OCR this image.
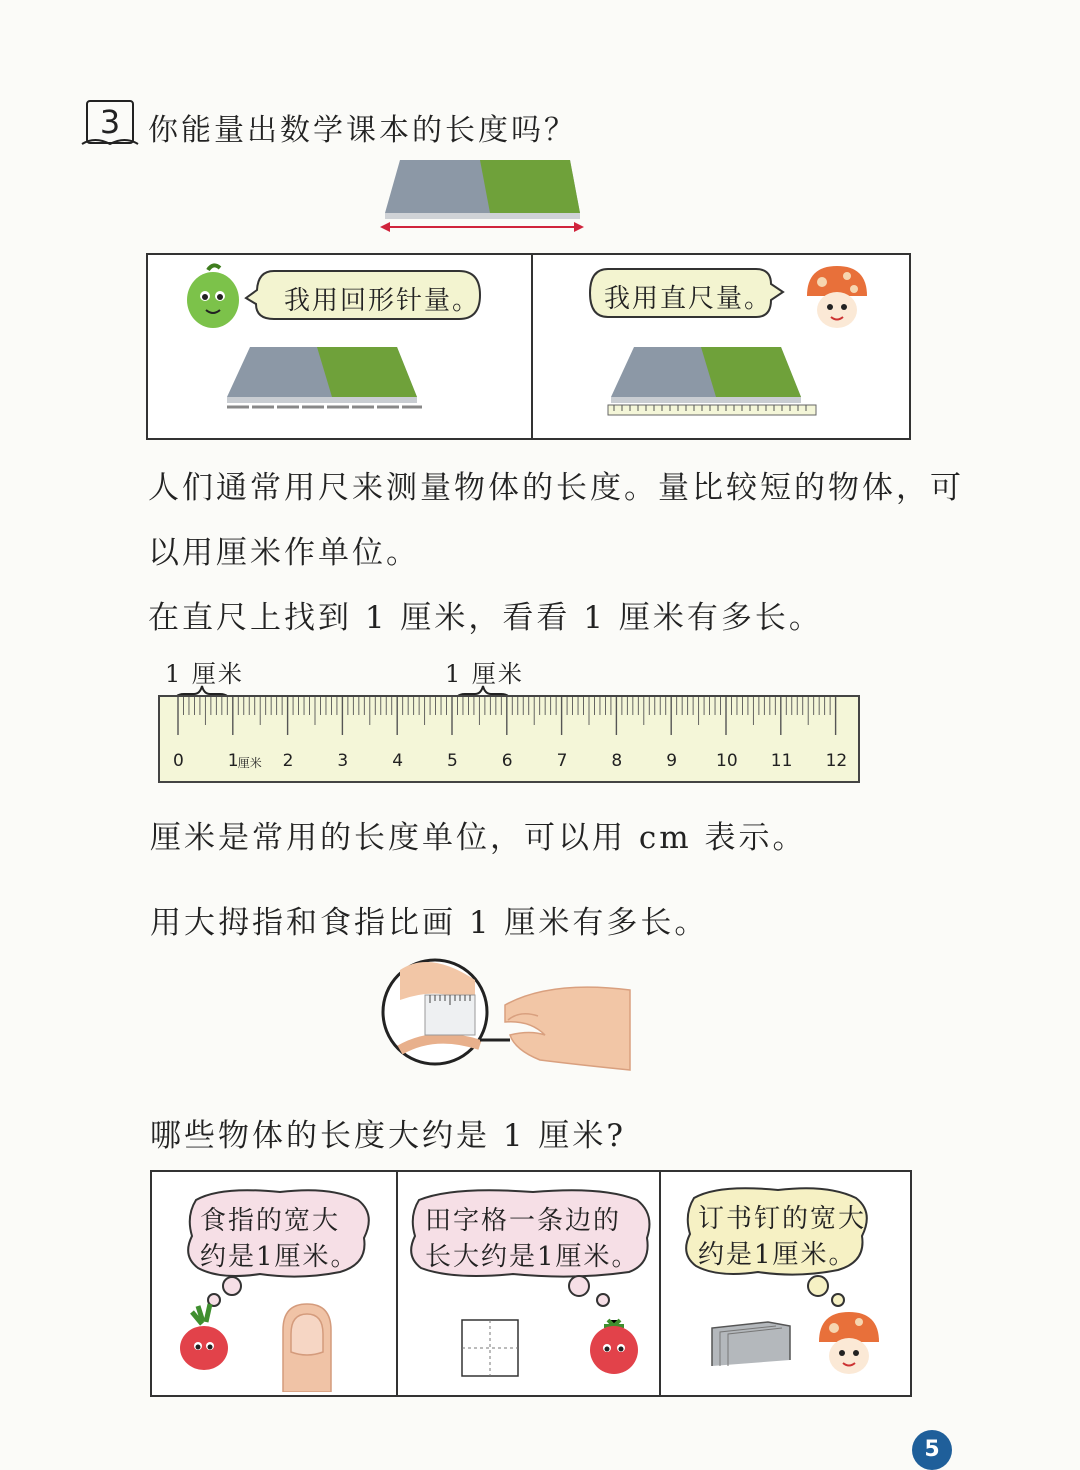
3 你能量出数学课本的长度吗？
我用回形针量。	我用直尺量。
人们通常用尺来测量物体的长度。量比较短的物体，可
以用厘米作单位。
在直尺上找到 1 厘米，看看 1 厘米有多长。
1 厘米	1 厘米
0	1 厘米 2	3	4	5	6	7	8	9 10 11 12
厘米是常用的长度单位，可以用 cm 表示。
用大拇指和食指比画 1 厘米有多长。
哪些物体的长度大约是 1 厘米?
食指的宽大
约是1厘米。
田字格一条边的
长大约是1厘米。
订书钉的宽大
约是1厘米。
5
